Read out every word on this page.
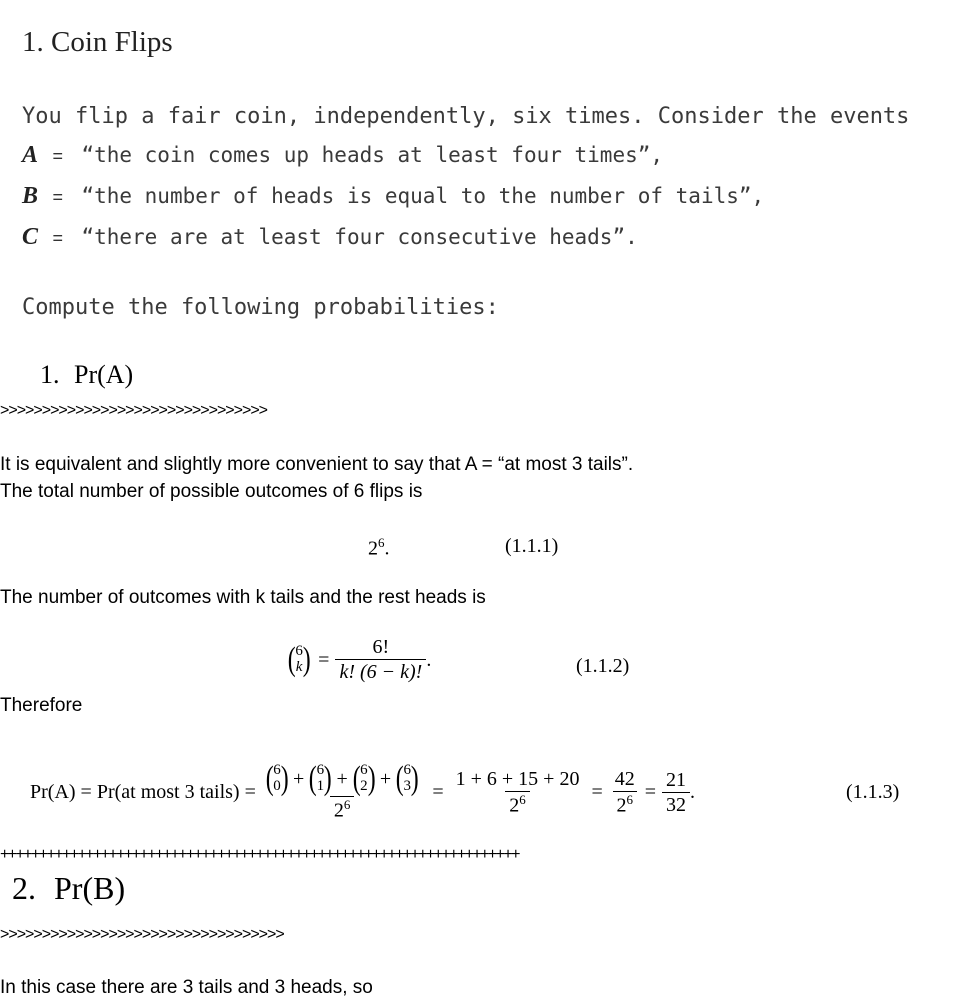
1. Coin Flips
You flip a fair coin, independently, six times. Consider the events
A = “the coin comes up heads at least four times”,
B = “the number of heads is equal to the number of tails”,
C = “there are at least four consecutive heads”.
Compute the following probabilities:
1. Pr(A)
>>>>>>>>>>>>>>>>>>>>>>>>>>>>>>>>
It is equivalent and slightly more convenient to say that A = “at most 3 tails”.
The total number of possible outcomes of 6 flips is
$2^6$.	(1.1.1)
The number of outcomes with k tails and the rest heads is
( 6
k ) = $\frac{6!}{k! (6 - k)!}$ .	(1.1.2)
Therefore
Pr(A) = Pr(at most 3 tails) = ( 6
0 ) + ( 6
1 ) + ( 6
2 ) + ( 6
3 )
$2^6$
= $\frac{1 + 6 + 15 + 20}{2^6} = \frac{42}{2^6} = \frac{21}{32}$ .	(1.1.3)
+++++++++++++++++++++++++++++++++++++++++++++++++++++++++++++++++++
2. Pr(B)
>>>>>>>>>>>>>>>>>>>>>>>>>>>>>>>>>>
In this case there are 3 tails and 3 heads, so
